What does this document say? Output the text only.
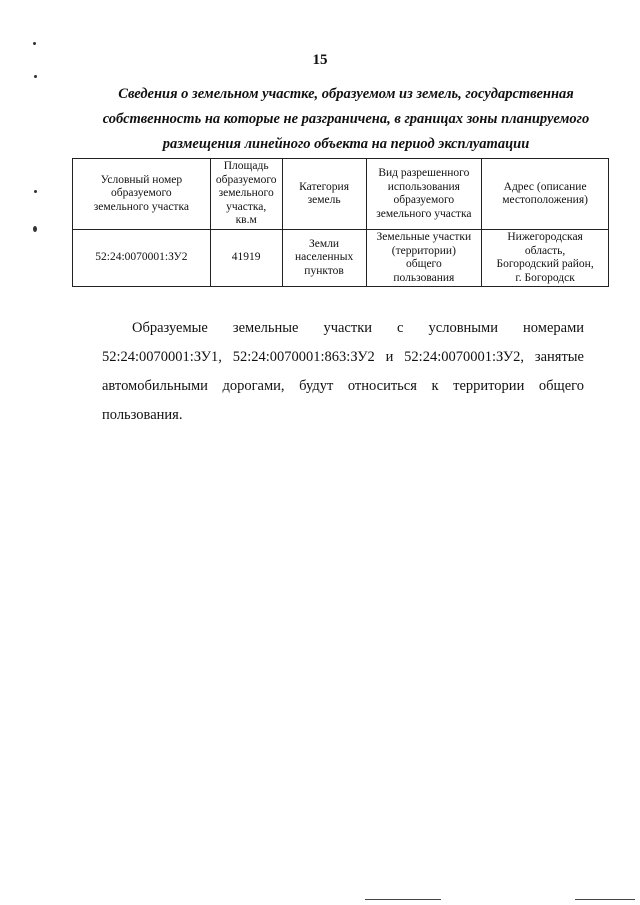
15
Сведения о земельном участке, образуемом из земель, государственная
собственность на которые не разграничена, в границах зоны планируемого
размещения линейного объекта на период эксплуатации
Условный номер
образуемого
земельного участка	Площадь
образуемого
земельного
участка,
кв.м	Категория
земель	Вид разрешенного
использования
образуемого
земельного участка	Адрес (описание
местоположения)

52:24:0070001:ЗУ2	41919	Земли
населенных
пунктов	Земельные участки
(территории)
общего
пользования	Нижегородская
область,
Богородский район,
г. Богородск
Образуемые земельные участки с условными номерами
52:24:0070001:ЗУ1, 52:24:0070001:863:ЗУ2 и 52:24:0070001:ЗУ2, занятые
автомобильными дорогами, будут относиться к территории общего
пользования.
